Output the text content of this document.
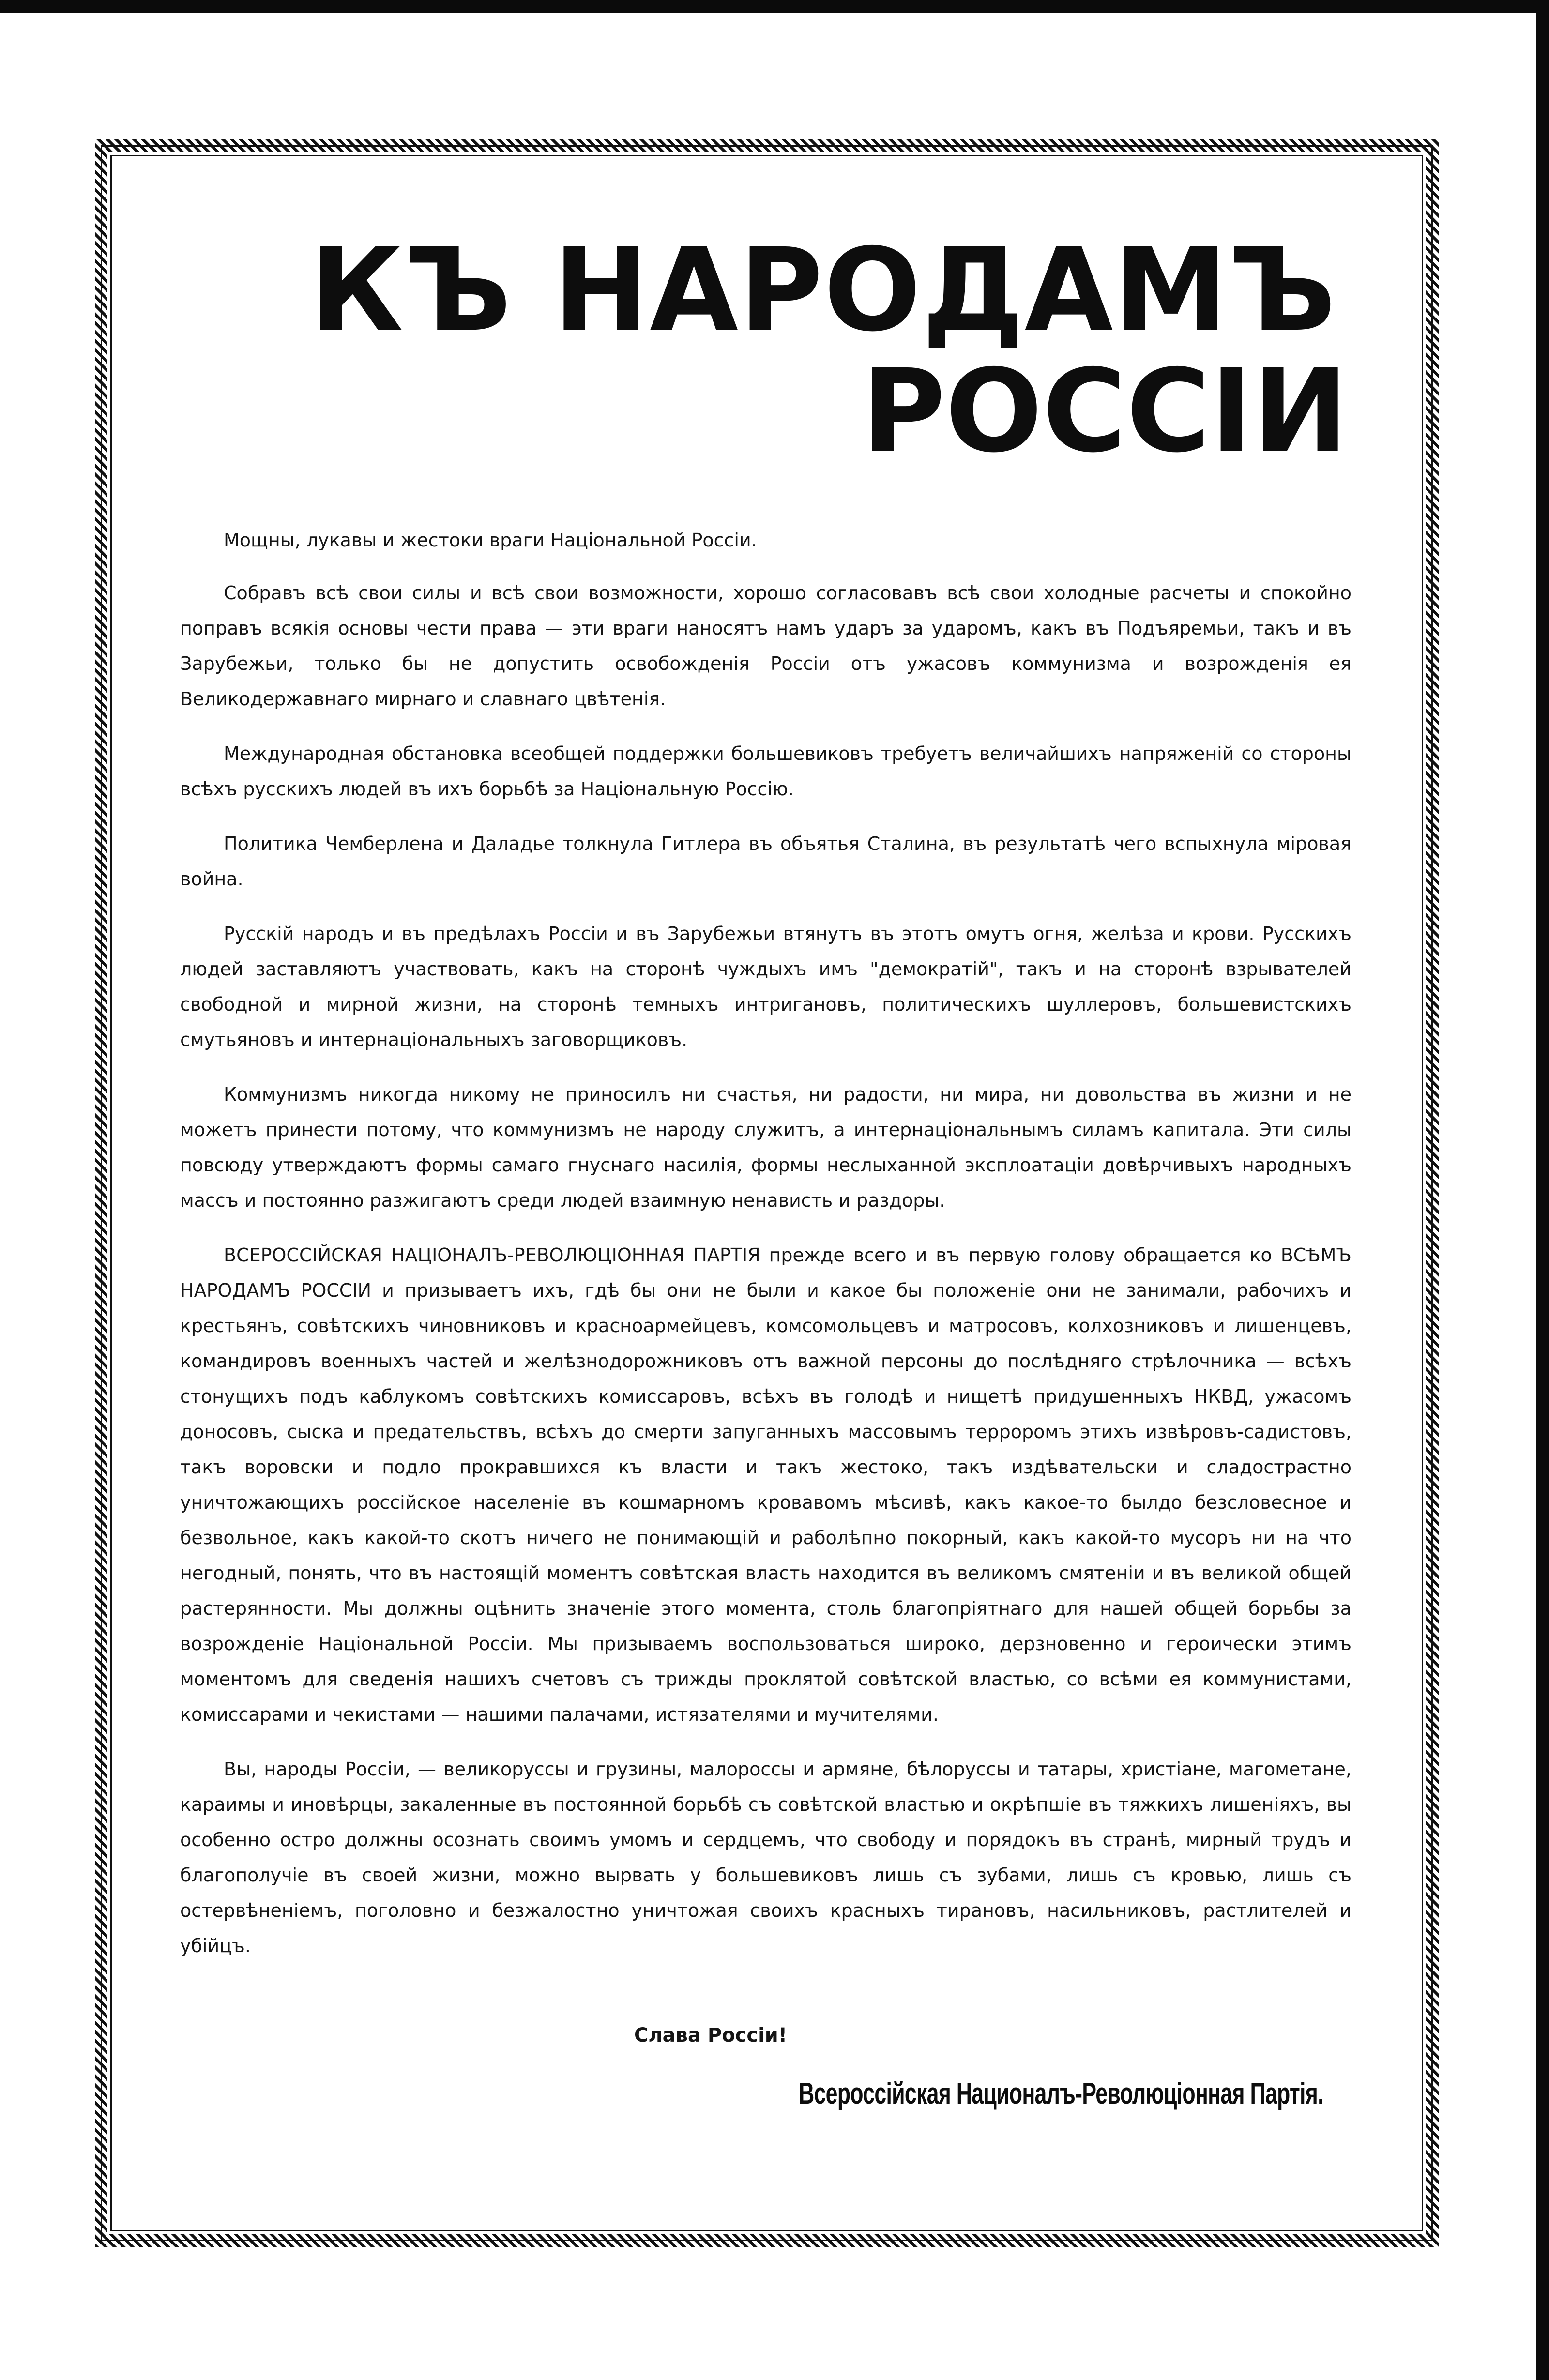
КЪ НАРОДАМЪ
РОССІИ

Мощны, лукавы и жестоки враги Національной Россіи.

Собравъ всѣ свои силы и всѣ свои возможности, хорошо согласовавъ всѣ свои холодные расчеты и спокойно поправъ всякія основы чести права — эти враги наносятъ намъ ударъ за ударомъ, какъ въ Подъяремьи, такъ и въ Зарубежьи, только бы не допустить освобожденія Россіи отъ ужасовъ коммунизма и возрожденія ея Великодержавнаго мирнаго и славнаго цвѣтенія.

Международная обстановка всеобщей поддержки большевиковъ требуетъ величайшихъ напряженій со стороны всѣхъ русскихъ людей въ ихъ борьбѣ за Національную Россію.

Политика Чемберлена и Даладье толкнула Гитлера въ объятья Сталина, въ результатѣ чего вспыхнула міровая война.

Русскій народъ и въ предѣлахъ Россіи и въ Зарубежьи втянутъ въ этотъ омутъ огня, желѣза и крови. Русскихъ людей заставляютъ участвовать, какъ на сторонѣ чуждыхъ имъ "демократій", такъ и на сторонѣ взрывателей свободной и мирной жизни, на сторонѣ темныхъ интригановъ, политическихъ шуллеровъ, большевистскихъ смутьяновъ и интернаціональныхъ заговорщиковъ.

Коммунизмъ никогда никому не приносилъ ни счастья, ни радости, ни мира, ни довольства въ жизни и не можетъ принести потому, что коммунизмъ не народу служитъ, а интернаціональнымъ силамъ капитала. Эти силы повсюду утверждаютъ формы самаго гнуснаго насилія, формы неслыханной эксплоатаціи довѣрчивыхъ народныхъ массъ и постоянно разжигаютъ среди людей взаимную ненависть и раздоры.

ВСЕРОССІЙСКАЯ НАЦІОНАЛЪ-РЕВОЛЮЦІОННАЯ ПАРТІЯ прежде всего и въ первую голову обращается ко ВСѢМЪ НАРОДАМЪ РОССІИ и призываетъ ихъ, гдѣ бы они не были и какое бы положеніе они не занимали, рабочихъ и крестьянъ, совѣтскихъ чиновниковъ и красноармейцевъ, комсомольцевъ и матросовъ, колхозниковъ и лишенцевъ, командировъ военныхъ частей и желѣзнодорожниковъ отъ важной персоны до послѣдняго стрѣлочника — всѣхъ стонущихъ подъ каблукомъ совѣтскихъ комиссаровъ, всѣхъ въ голодѣ и нищетѣ придушенныхъ НКВД, ужасомъ доносовъ, сыска и предательствъ, всѣхъ до смерти запуганныхъ массовымъ терроромъ этихъ извѣровъ-садистовъ, такъ воровски и подло прокравшихся къ власти и такъ жестоко, такъ издѣвательски и сладострастно уничтожающихъ россійское населеніе въ кошмарномъ кровавомъ мѣсивѣ, какъ какое-то былдо безсловесное и безвольное, какъ какой-то скотъ ничего не понимающій и раболѣпно покорный, какъ какой-то мусоръ ни на что негодный, понять, что въ настоящій моментъ совѣтская власть находится въ великомъ смятеніи и въ великой общей растерянности. Мы должны оцѣнить значеніе этого момента, столь благопріятнаго для нашей общей борьбы за возрожденіе Національной Россіи. Мы призываемъ воспользоваться широко, дерзновенно и героически этимъ моментомъ для сведенія нашихъ счетовъ съ трижды проклятой совѣтской властью, со всѣми ея коммунистами, комиссарами и чекистами — нашими палачами, истязателями и мучителями.

Вы, народы Россіи, — великоруссы и грузины, малороссы и армяне, бѣлоруссы и татары, христіане, магометане, караимы и иновѣрцы, закаленные въ постоянной борьбѣ съ совѣтской властью и окрѣпшіе въ тяжкихъ лишеніяхъ, вы особенно остро должны осознать своимъ умомъ и сердцемъ, что свободу и порядокъ въ странѣ, мирный трудъ и благополучіе въ своей жизни, можно вырвать у большевиковъ лишь съ зубами, лишь съ кровью, лишь съ остервѣненіемъ, поголовно и безжалостно уничтожая своихъ красныхъ тирановъ, насильниковъ, растлителей и убійцъ.

Слава Россіи!
Всероссійская Националъ-Революціонная Партія.
